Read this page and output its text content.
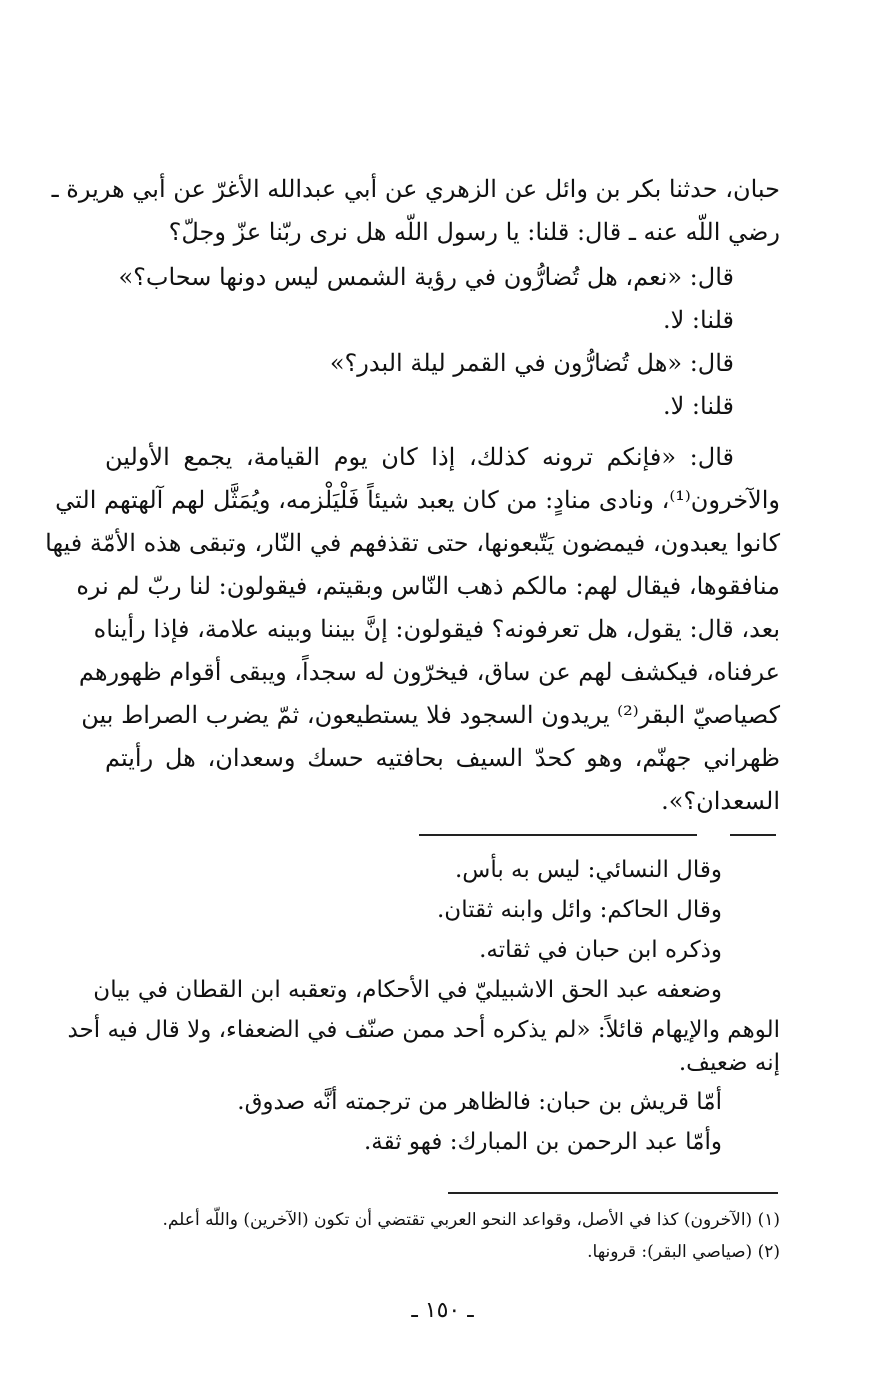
حبان، حدثنا بكر بن وائل عن الزهري عن أبي عبدالله الأغرّ عن أبي هريرة ـ
رضي اللّه عنه ـ قال: قلنا: يا رسول اللّه هل نرى ربّنا عزّ وجلّ؟
قال: «نعم، هل تُضارُّون في رؤية الشمس ليس دونها سحاب؟»
قلنا: لا.
قال: «هل تُضارُّون في القمر ليلة البدر؟»
قلنا: لا.
قال: «فإنكم ترونه كذلك، إذا كان يوم القيامة، يجمع الأولين
والآخرون⁽¹⁾، ونادى منادٍ: من كان يعبد شيئاً فَلْيَلْزمه، ويُمَثَّل لهم آلهتهم التي
كانوا يعبدون، فيمضون يَتّبعونها، حتى تقذفهم في النّار، وتبقى هذه الأمّة فيها
منافقوها، فيقال لهم: مالكم ذهب النّاس وبقيتم، فيقولون: لنا ربّ لم نره
بعد، قال: يقول، هل تعرفونه؟ فيقولون: إنَّ بيننا وبينه علامة، فإذا رأيناه
عرفناه، فيكشف لهم عن ساق، فيخرّون له سجداً، ويبقى أقوام ظهورهم
كصياصيّ البقر⁽²⁾ يريدون السجود فلا يستطيعون، ثمّ يضرب الصراط بين
ظهراني جهنّم، وهو كحدّ السيف بحافتيه حسك وسعدان، هل رأيتم
السعدان؟».
وقال النسائي: ليس به بأس.
وقال الحاكم: وائل وابنه ثقتان.
وذكره ابن حبان في ثقاته.
وضعفه عبد الحق الاشبيليّ في الأحكام، وتعقبه ابن القطان في بيان
الوهم والإيهام قائلاً: «لم يذكره أحد ممن صنّف في الضعفاء، ولا قال فيه أحد
إنه ضعيف.
أمّا قريش بن حبان: فالظاهر من ترجمته أنَّه صدوق.
وأمّا عبد الرحمن بن المبارك: فهو ثقة.
(١) (الآخرون) كذا في الأصل، وقواعد النحو العربي تقتضي أن تكون (الآخرين) واللّه أعلم.
(٢) (صياصي البقر): قرونها.
ـ ١٥٠ ـ
